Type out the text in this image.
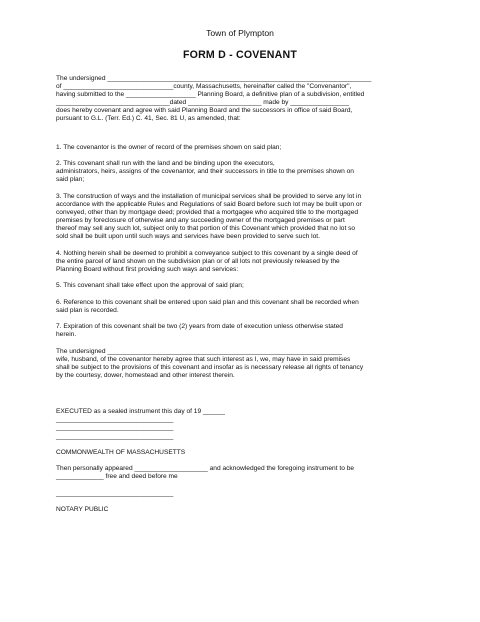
Town of Plympton
FORM D - COVENANT

The undersigned ________________________________________________________________________
of ______________________________county, Massachusetts, hereinafter called the "Convenantor",
having submitted to the ___________________ Planning Board, a definitive plan of a subdivision, entitled
_______________________________dated ____________________ made by ________________
does hereby covenant and agree with said Planning Board and the successors in office of said Board,
pursuant to G.L. (Terr. Ed.) C. 41, Sec. 81 U, as amended, that:

1. The covenantor is the owner of record of the premises shown on said plan;

2. This covenant shall run with the land and be binding upon the executors,
administrators, heirs, assigns of the covenantor, and their successors in title to the premises shown on
said plan;

3. The construction of ways and the installation of municipal services shall be provided to serve any lot in
accordance with the applicable Rules and Regulations of said Board before such lot may be built upon or
conveyed, other than by mortgage deed; provided that a mortgagee who acquired title to the mortgaged
premises by foreclosure of otherwise and any succeeding owner of the mortgaged premises or part
thereof may sell any such lot, subject only to that portion of this Covenant which provided that no lot so
sold shall be built upon until such ways and services have been provided to serve such lot.

4. Nothing herein shall be deemed to prohibit a conveyance subject to this covenant by a single deed of
the entire parcel of land shown on the subdivision plan or of all lots not previously released by the
Planning Board without first providing such ways and services:

5. This covenant shall take effect upon the approval of said plan;

6. Reference to this covenant shall be entered upon said plan and this covenant shall be recorded when
said plan is recorded.

7. Expiration of this covenant shall be two (2) years from date of execution unless otherwise stated
herein.

The undersigned ________________________________________________________________
wife, husband, of the covenantor hereby agree that such interest as I, we, may have in said premises
shall be subject to the provisions of this covenant and insofar as is necessary release all rights of tenancy
by the courtesy, dower, homestead and other interest therein.

EXECUTED as a sealed instrument this day of 19 ______

________________________________

________________________________

________________________________

COMMONWEALTH OF MASSACHUSETTS

Then personally appeared ____________________ and acknowledged the foregoing instrument to be
_____________ free and deed before me

________________________________

NOTARY PUBLIC
